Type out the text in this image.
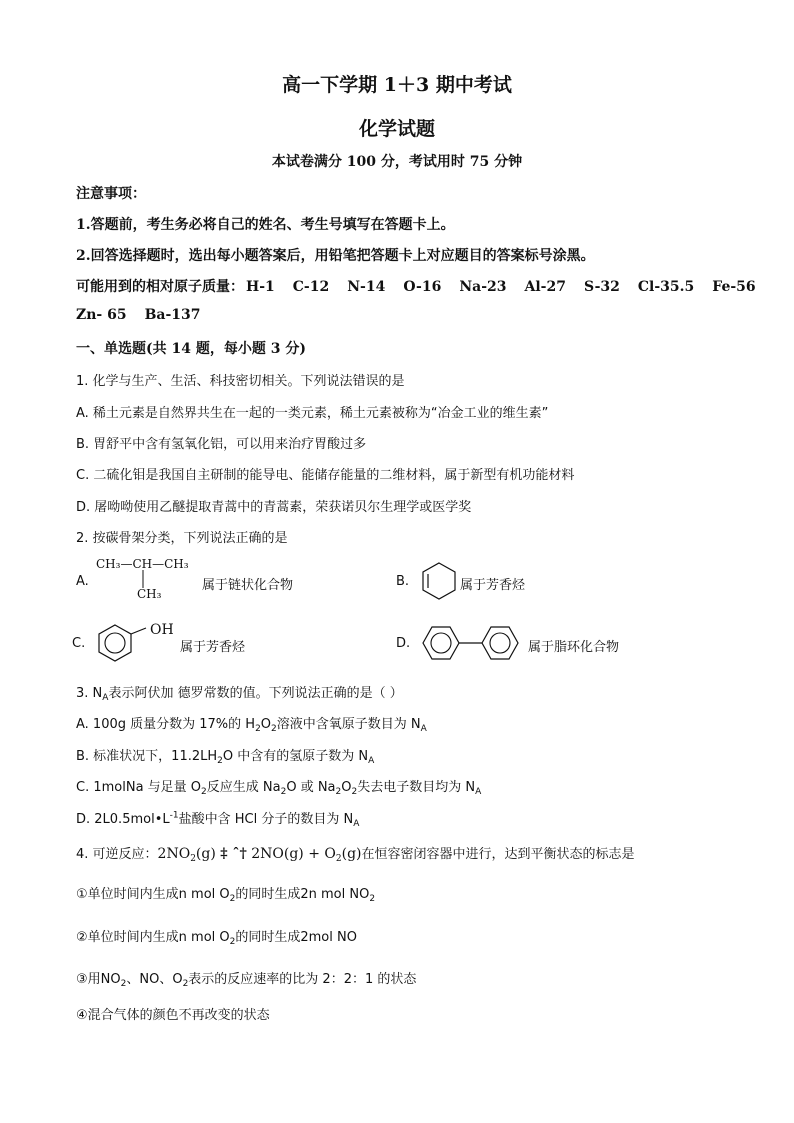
高一下学期 1＋3 期中考试
化学试题
本试卷满分 100 分，考试用时 75 分钟
注意事项：
1.答题前，考生务必将自己的姓名、考生号填写在答题卡上。
2.回答选择题时，选出每小题答案后，用铅笔把答题卡上对应题目的答案标号涂黑。
可能用到的相对原子质量： H-1 C-12 N-14 O-16 Na-23 Al-27 S-32 Cl-35.5 Fe-56
Zn- 65 Ba-137
一、单选题(共 14 题，每小题 3 分)
1. 化学与生产、生活、科技密切相关。下列说法错误的是
A. 稀土元素是自然界共生在一起的一类元素，稀土元素被称为“冶金工业的维生素”
B. 胃舒平中含有氢氧化铝，可以用来治疗胃酸过多
C. 二硫化钼是我国自主研制的能导电、能储存能量的二维材料，属于新型有机功能材料
D. 屠呦呦使用乙醚提取青蒿中的青蒿素，荣获诺贝尔生理学或医学奖
2. 按碳骨架分类，下列说法正确的是
A.
CH₃—CH—CH₃
CH₃
属于链状化合物	B.	属于芳香烃
C.
OH
属于芳香烃	D.	属于脂环化合物
3. $N_A$表示阿伏加 德罗常数的值。下列说法正确的是（ ）
A. 100g 质量分数为 17%的 $H_2O_2$溶液中含氧原子数目为 $N_A$
B. 标准状况下，$11.2LH_2O$ 中含有的氢原子数为 $N_A$
C. 1molNa 与足量 $O_2$反应生成 $Na_2O$ 或 $Na_2O_2$失去电子数目均为 $N_A$
D. $2L0.5mol•L^{-1}$盐酸中含 HCl 分子的数目为 $N_A$
4. 可逆反应：$2NO_2(g)$ ‡ ˆ† $2NO(g) + O_2(g)$在恒容密闭容器中进行，达到平衡状态的标志是
①单位时间内生成n mol $O_2$的同时生成2n mol $NO_2$
②单位时间内生成n mol $O_2$的同时生成2mol NO
③用$NO_2$、NO、$O_2$表示的反应速率的比为 2：2：1 的状态
④混合气体的颜色不再改变的状态
